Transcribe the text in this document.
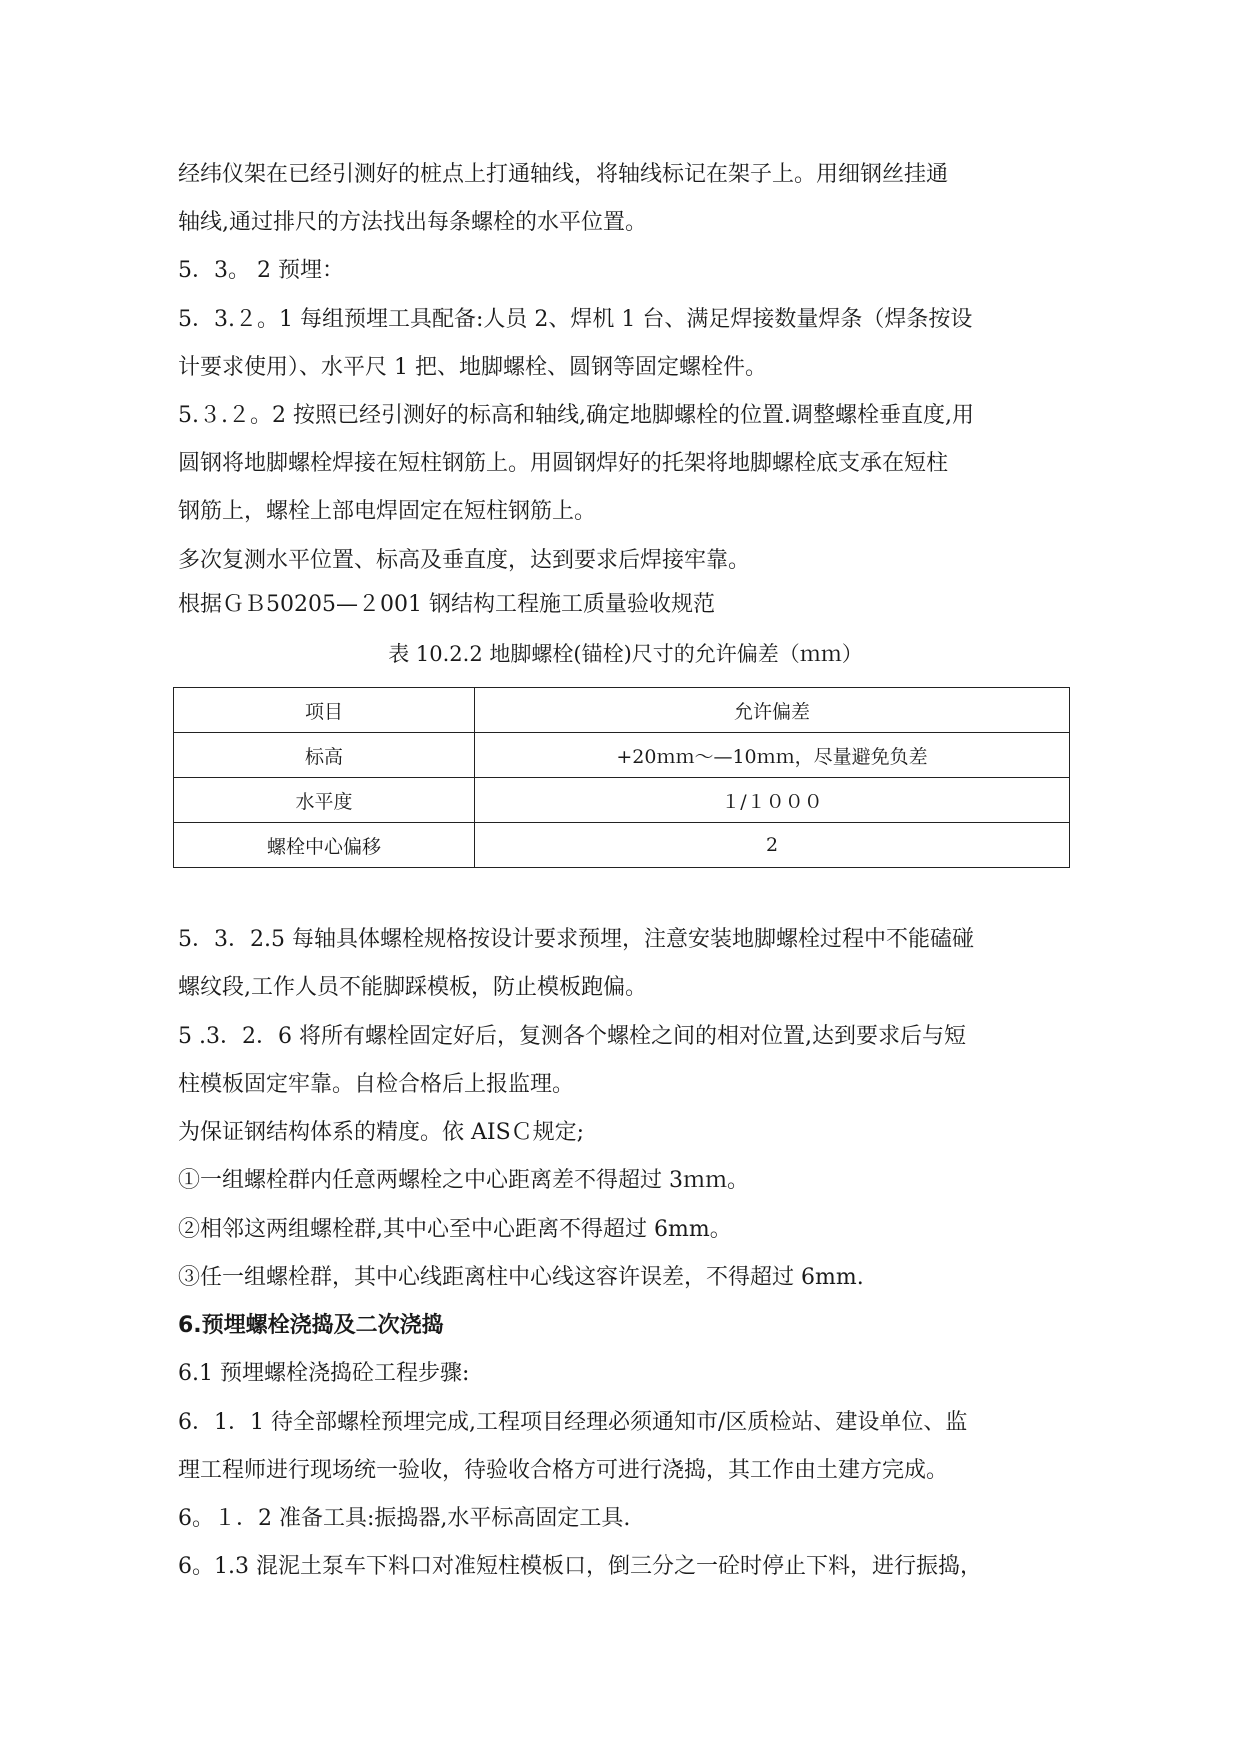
经纬仪架在已经引测好的桩点上打通轴线，将轴线标记在架子上。用细钢丝挂通
轴线,通过排尺的方法找出每条螺栓的水平位置。
5．3。 2 预埋：
5．3.２。1 每组预埋工具配备:人员 2、焊机 1 台、满足焊接数量焊条（焊条按设
计要求使用）、水平尺 1 把、地脚螺栓、圆钢等固定螺栓件。
5.３.２。2 按照已经引测好的标高和轴线,确定地脚螺栓的位置.调整螺栓垂直度,用
圆钢将地脚螺栓焊接在短柱钢筋上。用圆钢焊好的托架将地脚螺栓底支承在短柱
钢筋上，螺栓上部电焊固定在短柱钢筋上。
多次复测水平位置、标高及垂直度，达到要求后焊接牢靠。
根据ＧＢ50205—２001 钢结构工程施工质量验收规范
表 10.2.2 地脚螺栓(锚栓)尺寸的允许偏差（ｍｍ）
项目	允许偏差
标高	+20ｍｍ～—10ｍｍ，尽量避免负差
水平度	１/１０００
螺栓中心偏移	2
5．3．2.5 每轴具体螺栓规格按设计要求预埋，注意安装地脚螺栓过程中不能磕碰
螺纹段,工作人员不能脚踩模板，防止模板跑偏。
5 .3．2．6 将所有螺栓固定好后，复测各个螺栓之间的相对位置,达到要求后与短
柱模板固定牢靠。自检合格后上报监理。
为保证钢结构体系的精度。依 AISＣ规定;
①一组螺栓群内任意两螺栓之中心距离差不得超过 3ｍｍ。
②相邻这两组螺栓群,其中心至中心距离不得超过 6mm。
③任一组螺栓群，其中心线距离柱中心线这容许误差，不得超过 6mm.
6.预埋螺栓浇捣及二次浇捣
6.1 预埋螺栓浇捣砼工程步骤:
6．1．1 待全部螺栓预埋完成,工程项目经理必须通知市/区质检站、建设单位、监
理工程师进行现场统一验收，待验收合格方可进行浇捣，其工作由土建方完成。
6。１．2 准备工具:振捣器,水平标高固定工具.
6。1.3 混泥土泵车下料口对准短柱模板口，倒三分之一砼时停止下料，进行振捣，
